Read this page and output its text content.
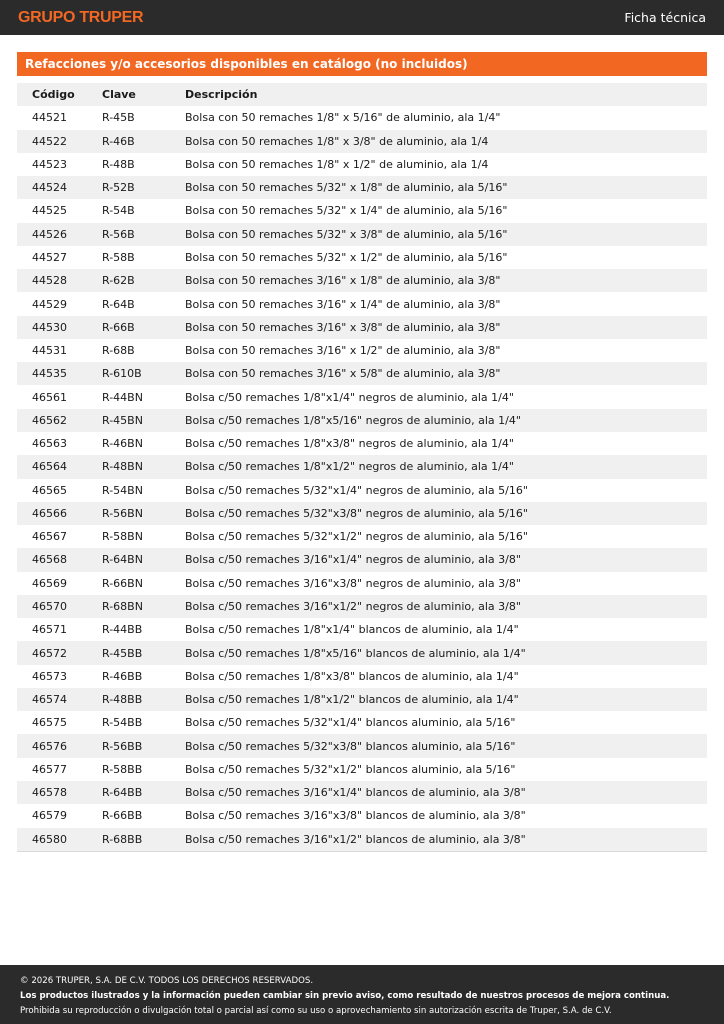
GRUPO TRUPER	Ficha técnica
Refacciones y/o accesorios disponibles en catálogo (no incluidos)
Código	Clave	Descripción
44521	R-45B	Bolsa con 50 remaches 1/8" x 5/16" de aluminio, ala 1/4"
44522	R-46B	Bolsa con 50 remaches 1/8" x 3/8" de aluminio, ala 1/4
44523	R-48B	Bolsa con 50 remaches 1/8" x 1/2" de aluminio, ala 1/4
44524	R-52B	Bolsa con 50 remaches 5/32" x 1/8" de aluminio, ala 5/16"
44525	R-54B	Bolsa con 50 remaches 5/32" x 1/4" de aluminio, ala 5/16"
44526	R-56B	Bolsa con 50 remaches 5/32" x 3/8" de aluminio, ala 5/16"
44527	R-58B	Bolsa con 50 remaches 5/32" x 1/2" de aluminio, ala 5/16"
44528	R-62B	Bolsa con 50 remaches 3/16" x 1/8" de aluminio, ala 3/8"
44529	R-64B	Bolsa con 50 remaches 3/16" x 1/4" de aluminio, ala 3/8"
44530	R-66B	Bolsa con 50 remaches 3/16" x 3/8" de aluminio, ala 3/8"
44531	R-68B	Bolsa con 50 remaches 3/16" x 1/2" de aluminio, ala 3/8"
44535	R-610B	Bolsa con 50 remaches 3/16" x 5/8" de aluminio, ala 3/8"
46561	R-44BN	Bolsa c/50 remaches 1/8"x1/4" negros de aluminio, ala 1/4"
46562	R-45BN	Bolsa c/50 remaches 1/8"x5/16" negros de aluminio, ala 1/4"
46563	R-46BN	Bolsa c/50 remaches 1/8"x3/8" negros de aluminio, ala 1/4"
46564	R-48BN	Bolsa c/50 remaches 1/8"x1/2" negros de aluminio, ala 1/4"
46565	R-54BN	Bolsa c/50 remaches 5/32"x1/4" negros de aluminio, ala 5/16"
46566	R-56BN	Bolsa c/50 remaches 5/32"x3/8" negros de aluminio, ala 5/16"
46567	R-58BN	Bolsa c/50 remaches 5/32"x1/2" negros de aluminio, ala 5/16"
46568	R-64BN	Bolsa c/50 remaches 3/16"x1/4" negros de aluminio, ala 3/8"
46569	R-66BN	Bolsa c/50 remaches 3/16"x3/8" negros de aluminio, ala 3/8"
46570	R-68BN	Bolsa c/50 remaches 3/16"x1/2" negros de aluminio, ala 3/8"
46571	R-44BB	Bolsa c/50 remaches 1/8"x1/4" blancos de aluminio, ala 1/4"
46572	R-45BB	Bolsa c/50 remaches 1/8"x5/16" blancos de aluminio, ala 1/4"
46573	R-46BB	Bolsa c/50 remaches 1/8"x3/8" blancos de aluminio, ala 1/4"
46574	R-48BB	Bolsa c/50 remaches 1/8"x1/2" blancos de aluminio, ala 1/4"
46575	R-54BB	Bolsa c/50 remaches 5/32"x1/4" blancos aluminio, ala 5/16"
46576	R-56BB	Bolsa c/50 remaches 5/32"x3/8" blancos aluminio, ala 5/16"
46577	R-58BB	Bolsa c/50 remaches 5/32"x1/2" blancos aluminio, ala 5/16"
46578	R-64BB	Bolsa c/50 remaches 3/16"x1/4" blancos de aluminio, ala 3/8"
46579	R-66BB	Bolsa c/50 remaches 3/16"x3/8" blancos de aluminio, ala 3/8"
46580	R-68BB	Bolsa c/50 remaches 3/16"x1/2" blancos de aluminio, ala 3/8"
© 2026 TRUPER, S.A. DE C.V. TODOS LOS DERECHOS RESERVADOS.
Los productos ilustrados y la información pueden cambiar sin previo aviso, como resultado de nuestros procesos de mejora continua.
Prohibida su reproducción o divulgación total o parcial así como su uso o aprovechamiento sin autorización escrita de Truper, S.A. de C.V.
